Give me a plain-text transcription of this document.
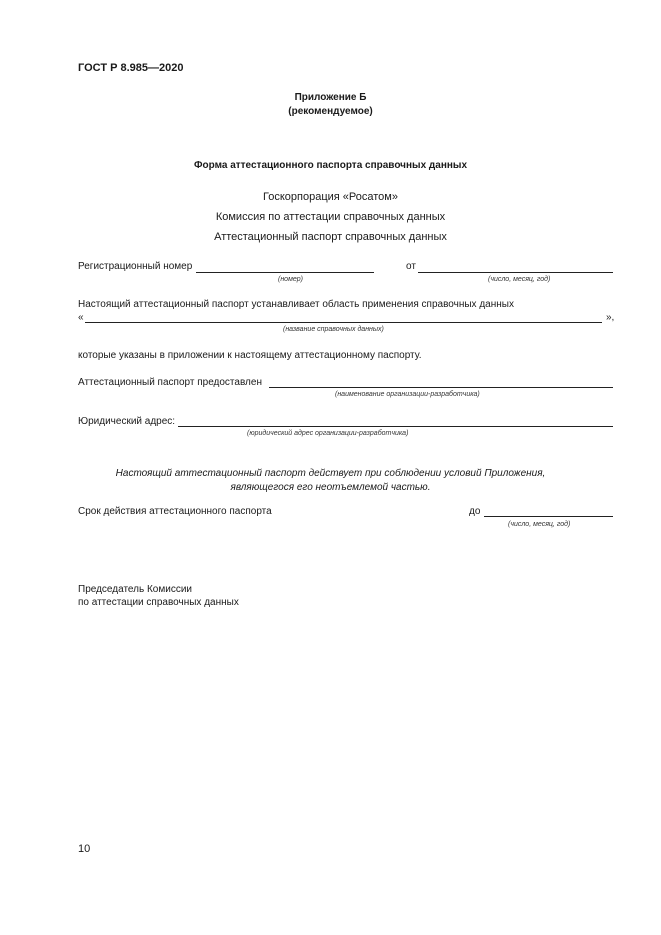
ГОСТ Р 8.985—2020
Приложение Б
(рекомендуемое)
Форма аттестационного паспорта справочных данных
Госкорпорация «Росатом»
Комиссия по аттестации справочных данных
Аттестационный паспорт справочных данных
Регистрационный номер	от
(номер)	(число, месяц, год)
Настоящий аттестационный паспорт устанавливает область применения справочных данных
«	»,
(название справочных данных)
которые указаны в приложении к настоящему аттестационному паспорту.
Аттестационный паспорт предоставлен
(наименование организации-разработчика)
Юридический адрес:
(юридический адрес организации-разработчика)
Настоящий аттестационный паспорт действует при соблюдении условий Приложения,
являющегося его неотъемлемой частью.
Срок действия аттестационного паспорта	до
(число, месяц, год)
Председатель Комиссии
по аттестации справочных данных
10
